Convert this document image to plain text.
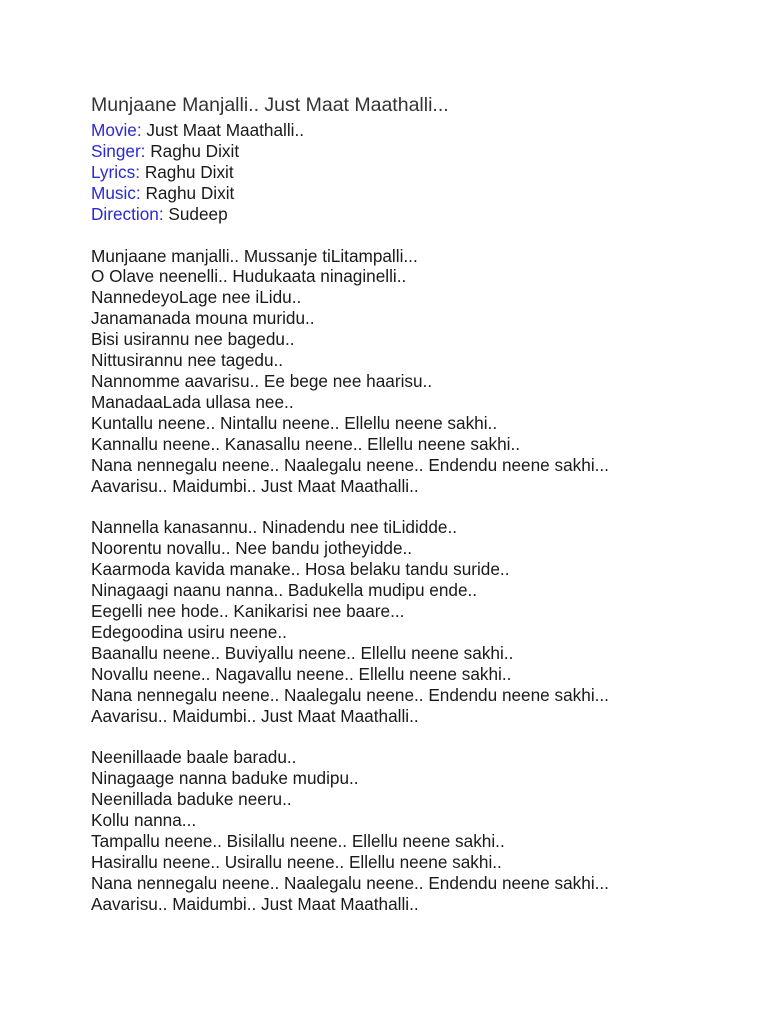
Munjaane Manjalli.. Just Maat Maathalli...
Movie: Just Maat Maathalli..
Singer: Raghu Dixit
Lyrics: Raghu Dixit
Music: Raghu Dixit
Direction: Sudeep
Munjaane manjalli.. Mussanje tiLitampalli...
O Olave neenelli.. Hudukaata ninaginelli..
NannedeyoLage nee iLidu..
Janamanada mouna muridu..
Bisi usirannu nee bagedu..
Nittusirannu nee tagedu..
Nannomme aavarisu.. Ee bege nee haarisu..
ManadaaLada ullasa nee..
Kuntallu neene.. Nintallu neene.. Ellellu neene sakhi..
Kannallu neene.. Kanasallu neene.. Ellellu neene sakhi..
Nana nennegalu neene.. Naalegalu neene.. Endendu neene sakhi...
Aavarisu.. Maidumbi.. Just Maat Maathalli..
Nannella kanasannu.. Ninadendu nee tiLididde..
Noorentu novallu.. Nee bandu jotheyidde..
Kaarmoda kavida manake.. Hosa belaku tandu suride..
Ninagaagi naanu nanna.. Badukella mudipu ende..
Eegelli nee hode.. Kanikarisi nee baare...
Edegoodina usiru neene..
Baanallu neene.. Buviyallu neene.. Ellellu neene sakhi..
Novallu neene.. Nagavallu neene.. Ellellu neene sakhi..
Nana nennegalu neene.. Naalegalu neene.. Endendu neene sakhi...
Aavarisu.. Maidumbi.. Just Maat Maathalli..
Neenillaade baale baradu..
Ninagaage nanna baduke mudipu..
Neenillada baduke neeru..
Kollu nanna...
Tampallu neene.. Bisilallu neene.. Ellellu neene sakhi..
Hasirallu neene.. Usirallu neene.. Ellellu neene sakhi..
Nana nennegalu neene.. Naalegalu neene.. Endendu neene sakhi...
Aavarisu.. Maidumbi.. Just Maat Maathalli..
